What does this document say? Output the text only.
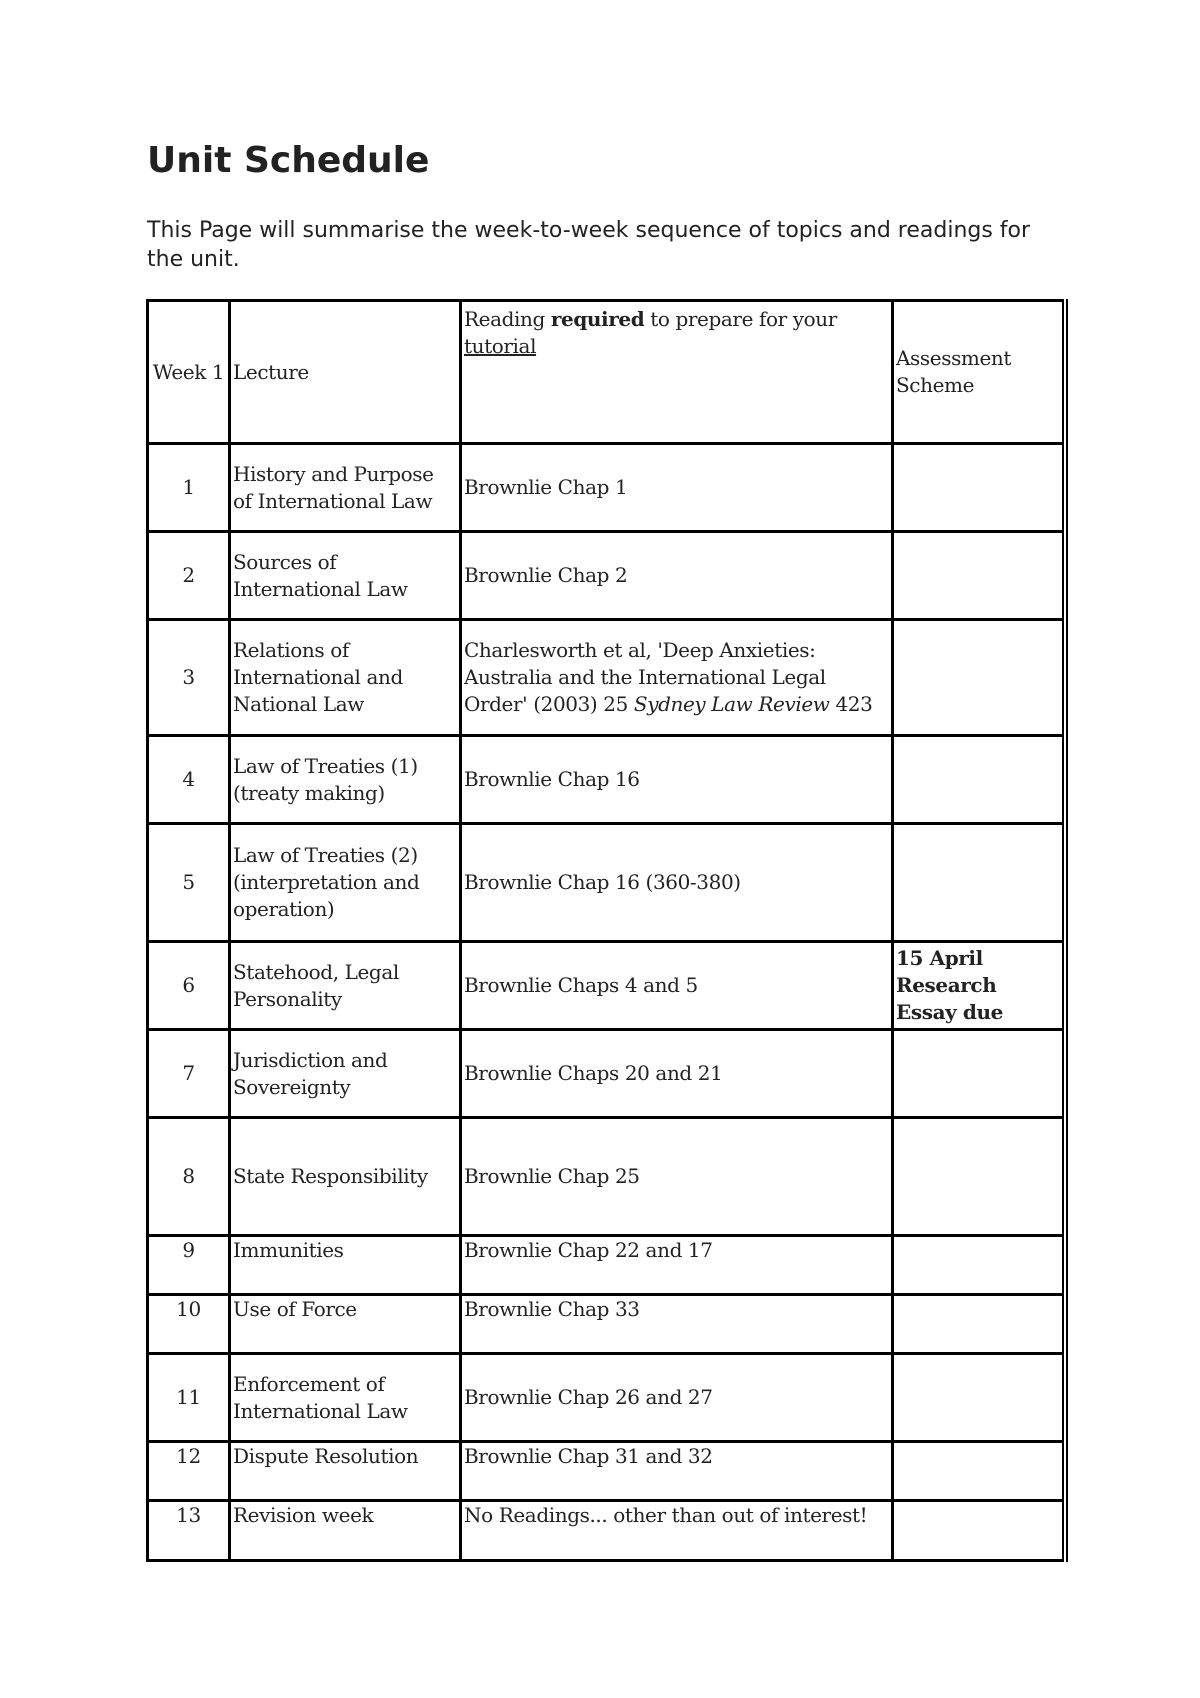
Unit Schedule

This Page will summarise the week-to-week sequence of topics and readings for the unit.

Week 1	Lecture	Reading required to prepare for your tutorial	Assessment Scheme
1	History and Purpose of International Law	Brownlie Chap 1	
2	Sources of International Law	Brownlie Chap 2	
3	Relations of International and National Law	Charlesworth et al, 'Deep Anxieties: Australia and the International Legal Order' (2003) 25 Sydney Law Review 423	
4	Law of Treaties (1) (treaty making)	Brownlie Chap 16	
5	Law of Treaties (2) (interpretation and operation)	Brownlie Chap 16 (360-380)	
6	Statehood, Legal Personality	Brownlie Chaps 4 and 5	15 April Research Essay due
7	Jurisdiction and Sovereignty	Brownlie Chaps 20 and 21	
8	State Responsibility	Brownlie Chap 25	
9	Immunities	Brownlie Chap 22 and 17	
10	Use of Force	Brownlie Chap 33	
11	Enforcement of International Law	Brownlie Chap 26 and 27	
12	Dispute Resolution	Brownlie Chap 31 and 32	
13	Revision week	No Readings... other than out of interest!	
